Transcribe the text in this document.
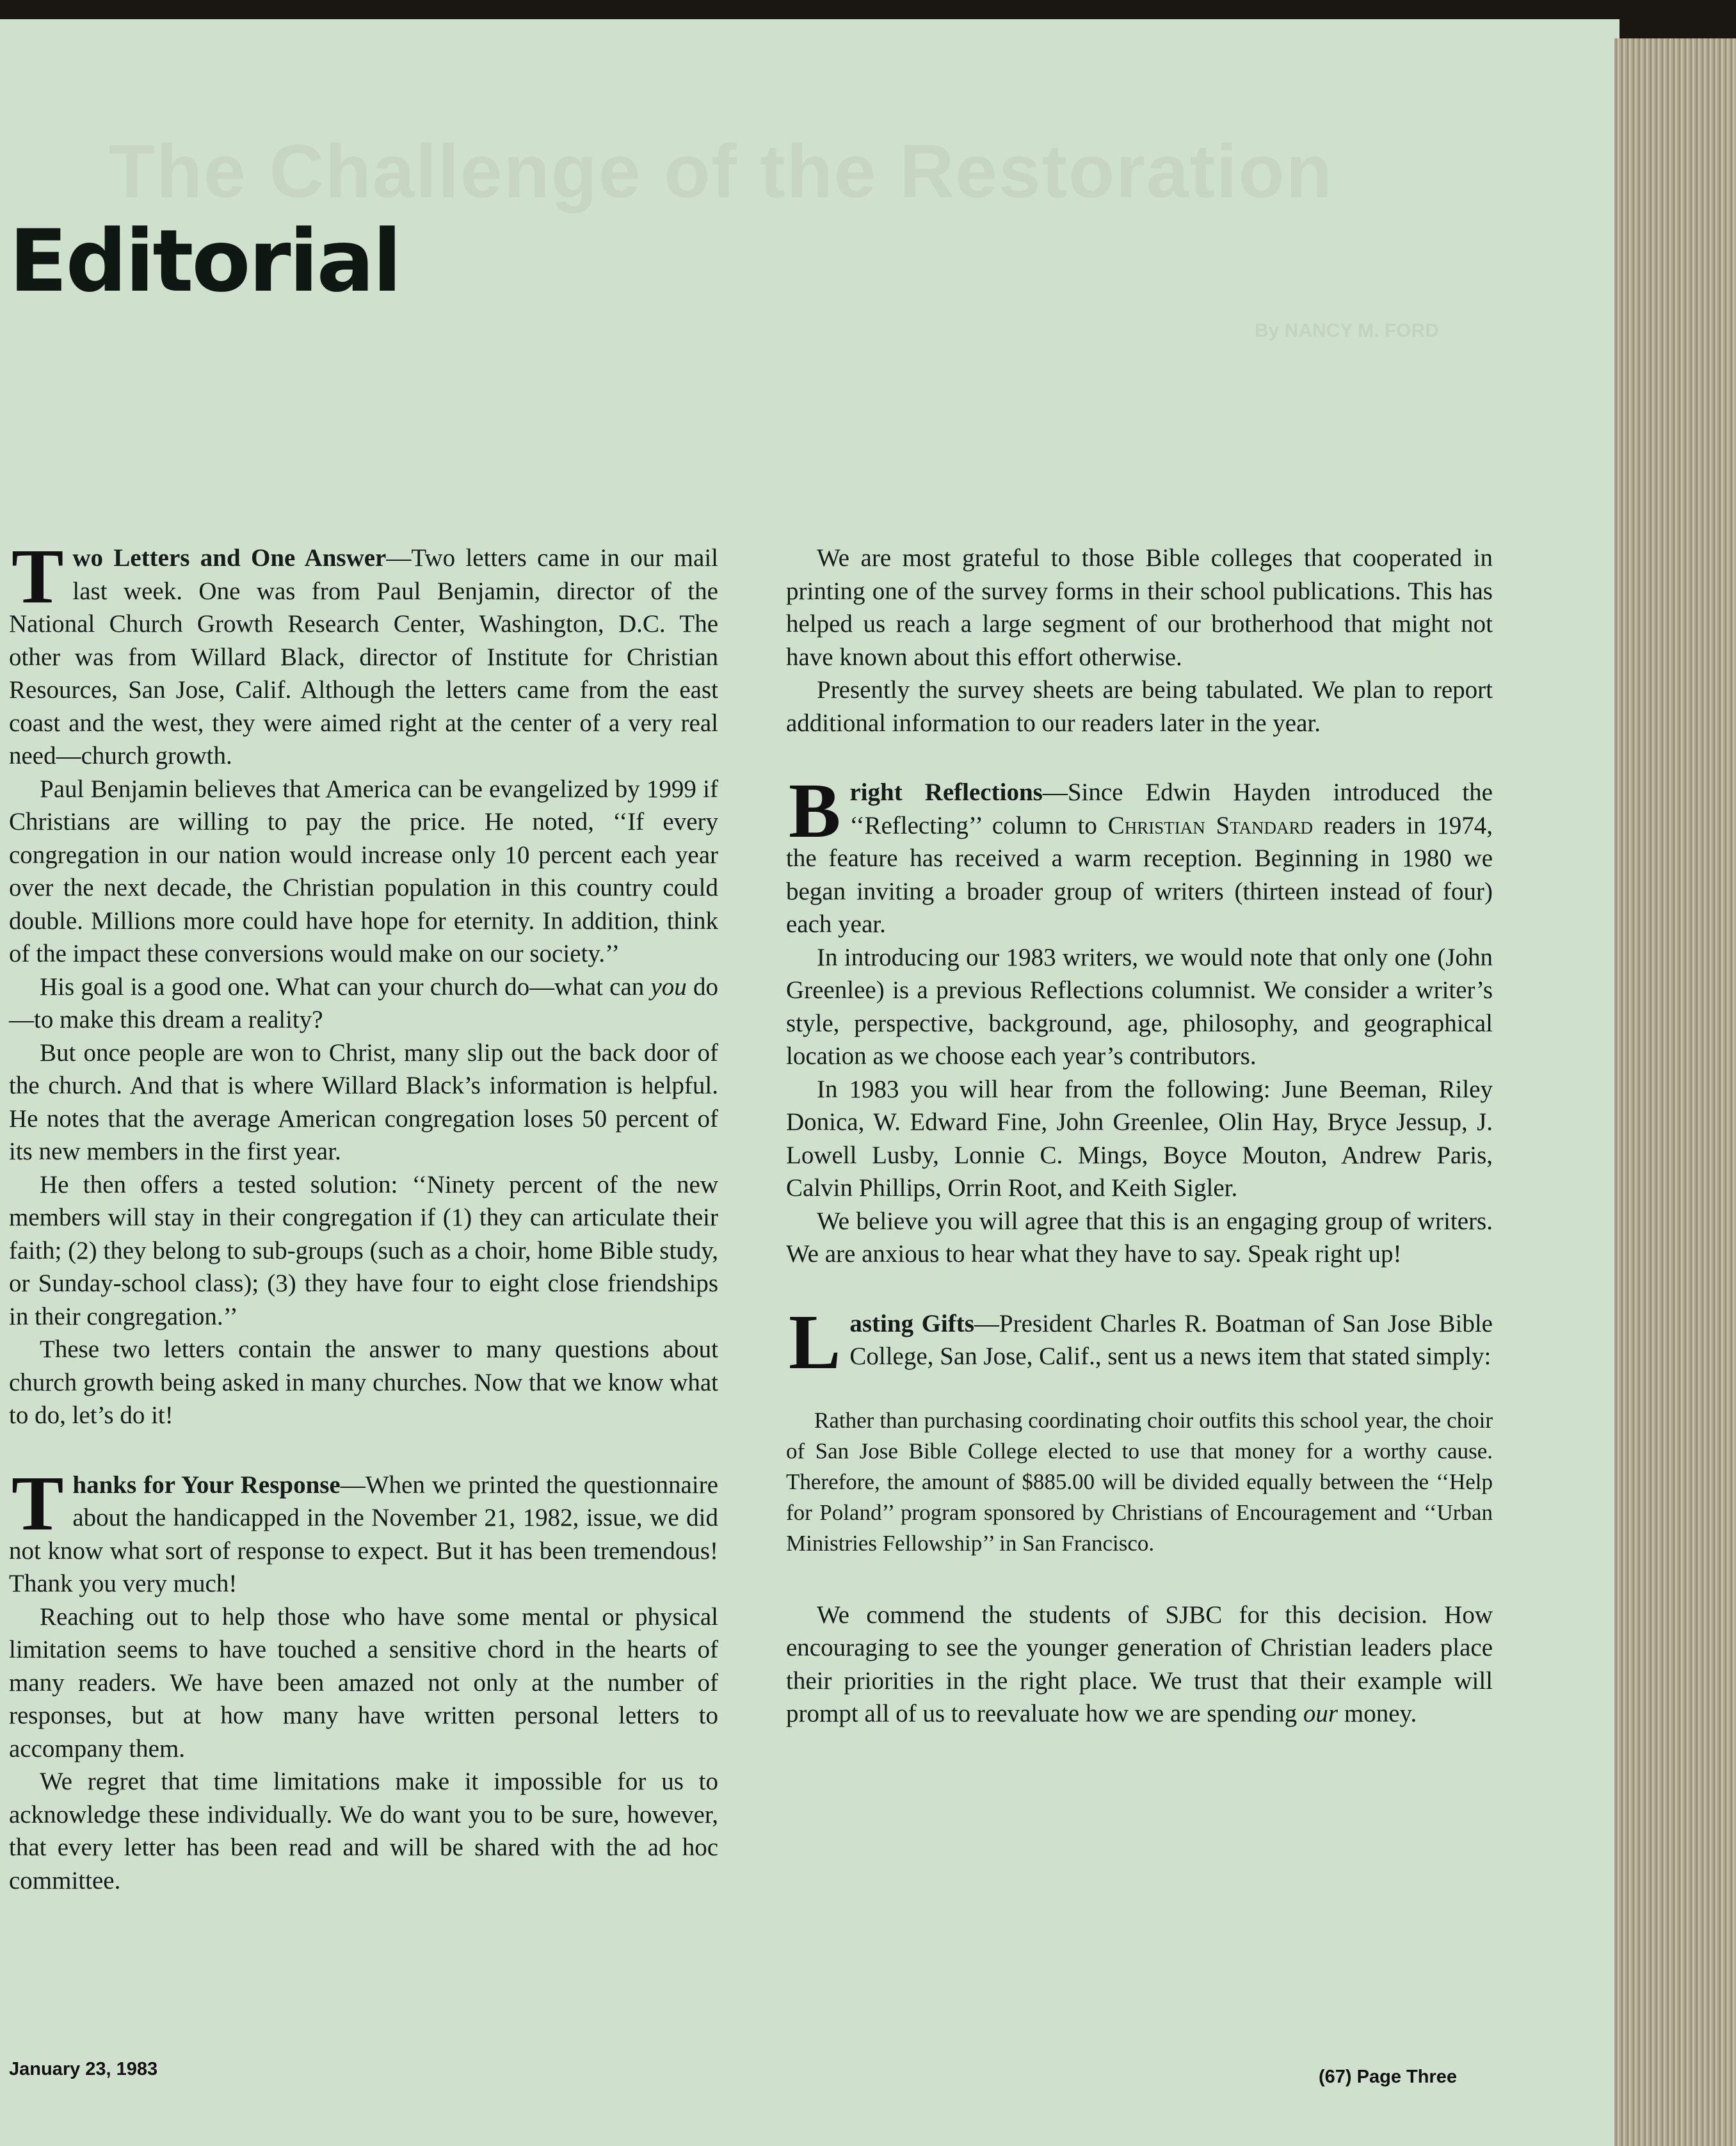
The Challenge of the Restoration
By NANCY M. FORD
Editorial

Two Letters and One Answer—Two letters came in our mail last week. One was from Paul Benjamin, director of the National Church Growth Research Center, Washington, D.C. The other was from Willard Black, director of Institute for Christian Resources, San Jose, Calif. Although the letters came from the east coast and the west, they were aimed right at the center of a very real need—church growth.

Paul Benjamin believes that America can be evangelized by 1999 if Christians are willing to pay the price. He noted, ‘‘If every congregation in our nation would increase only 10 percent each year over the next decade, the Christian population in this country could double. Millions more could have hope for eternity. In addition, think of the impact these conversions would make on our society.’’

His goal is a good one. What can your church do—what can you do—to make this dream a reality?

But once people are won to Christ, many slip out the back door of the church. And that is where Willard Black’s information is helpful. He notes that the average American congregation loses 50 percent of its new members in the first year.

He then offers a tested solution: ‘‘Ninety percent of the new members will stay in their congregation if (1) they can articulate their faith; (2) they belong to sub-groups (such as a choir, home Bible study, or Sunday-school class); (3) they have four to eight close friendships in their congregation.’’

These two letters contain the answer to many questions about church growth being asked in many churches. Now that we know what to do, let’s do it!

Thanks for Your Response—When we printed the questionnaire about the handicapped in the November 21, 1982, issue, we did not know what sort of response to expect. But it has been tremendous! Thank you very much!

Reaching out to help those who have some mental or physical limitation seems to have touched a sensitive chord in the hearts of many readers. We have been amazed not only at the number of responses, but at how many have written personal letters to accompany them.

We regret that time limitations make it impossible for us to acknowledge these individually. We do want you to be sure, however, that every letter has been read and will be shared with the ad hoc committee.

We are most grateful to those Bible colleges that cooperated in printing one of the survey forms in their school publications. This has helped us reach a large segment of our brotherhood that might not have known about this effort otherwise.

Presently the survey sheets are being tabulated. We plan to report additional information to our readers later in the year.

Bright Reflections—Since Edwin Hayden introduced the ‘‘Reflecting’’ column to Christian Standard readers in 1974, the feature has received a warm reception. Beginning in 1980 we began inviting a broader group of writers (thirteen instead of four) each year.

In introducing our 1983 writers, we would note that only one (John Greenlee) is a previous Reflections columnist. We consider a writer’s style, perspective, background, age, philosophy, and geographical location as we choose each year’s contributors.

In 1983 you will hear from the following: June Beeman, Riley Donica, W. Edward Fine, John Greenlee, Olin Hay, Bryce Jessup, J. Lowell Lusby, Lonnie C. Mings, Boyce Mouton, Andrew Paris, Calvin Phillips, Orrin Root, and Keith Sigler.

We believe you will agree that this is an engaging group of writers. We are anxious to hear what they have to say. Speak right up!

Lasting Gifts—President Charles R. Boatman of San Jose Bible College, San Jose, Calif., sent us a news item that stated simply:

Rather than purchasing coordinating choir outfits this school year, the choir of San Jose Bible College elected to use that money for a worthy cause. Therefore, the amount of $885.00 will be divided equally between the ‘‘Help for Poland’’ program sponsored by Christians of Encouragement and ‘‘Urban Ministries Fellowship’’ in San Francisco.

We commend the students of SJBC for this decision. How encouraging to see the younger generation of Christian leaders place their priorities in the right place. We trust that their example will prompt all of us to reevaluate how we are spending our money.

January 23, 1983	(67) Page Three
